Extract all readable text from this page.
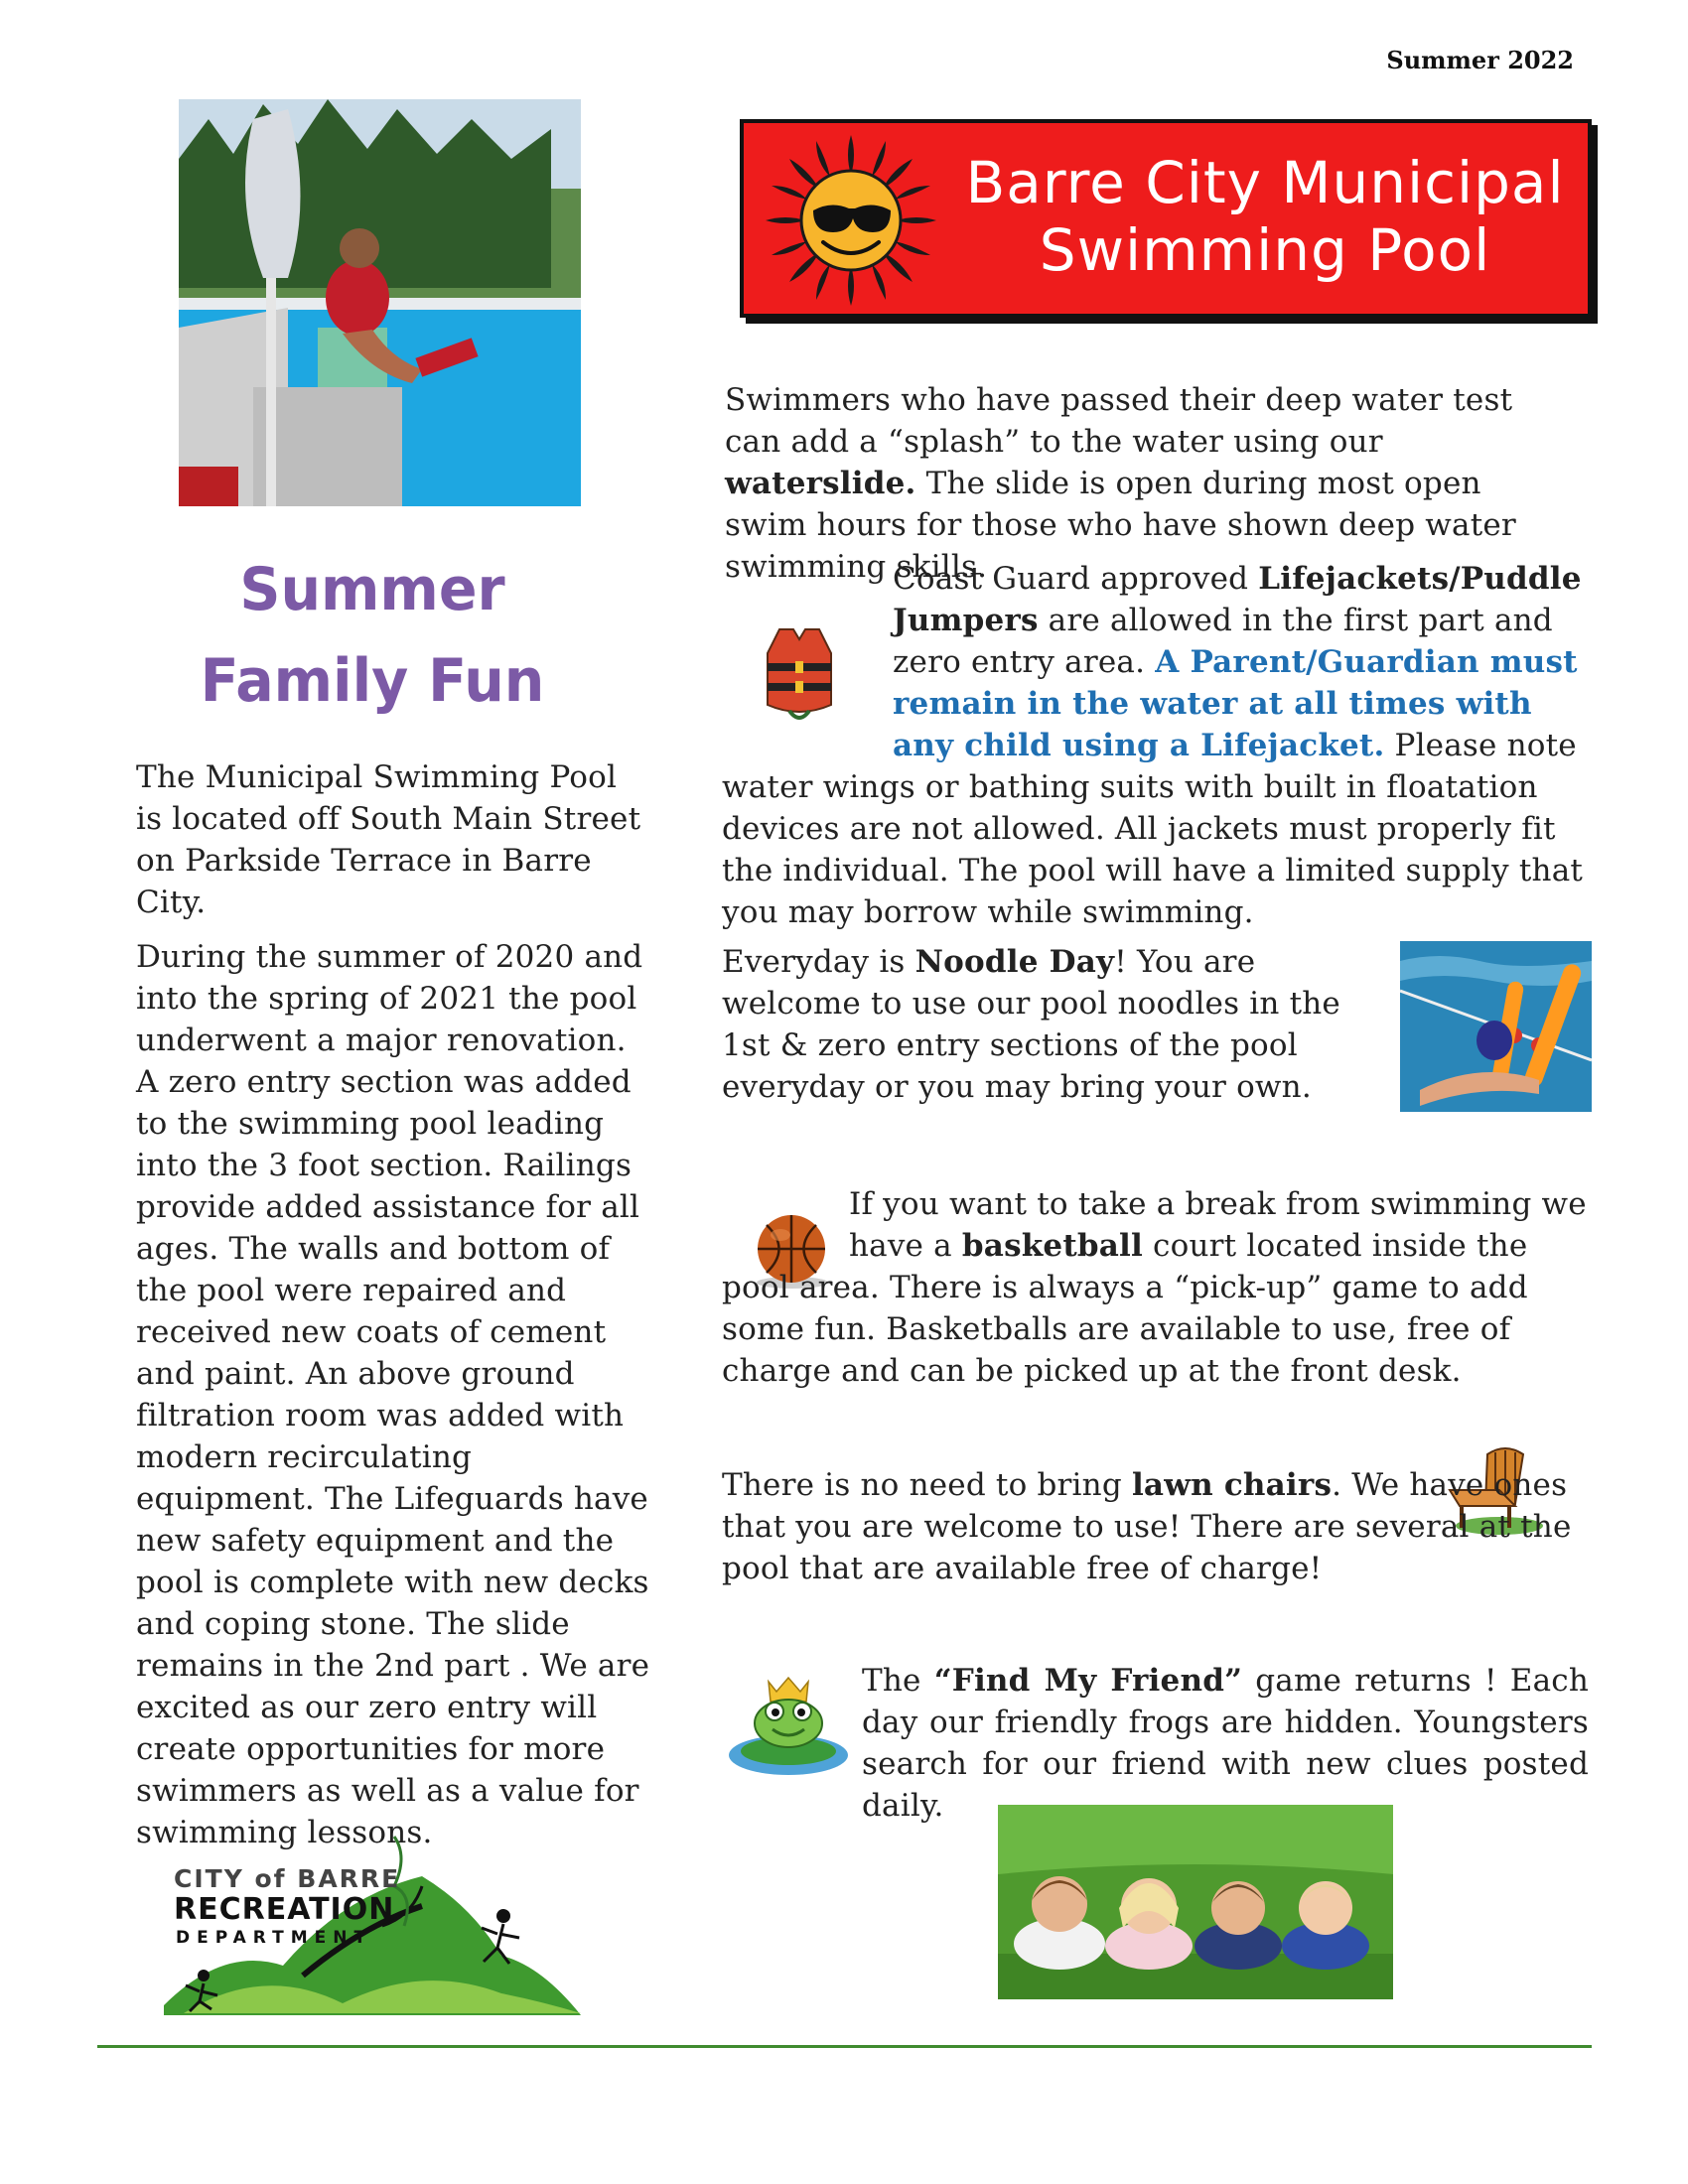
Summer 2022
Barre City Municipal Swimming Pool
Summer Family Fun

The Municipal Swimming Pool is located off South Main Street on Parkside Terrace in Barre City.

During the summer of 2020 and into the spring of 2021 the pool underwent a major renovation. A zero entry section was added to the swimming pool leading into the 3 foot section. Railings provide added assistance for all ages. The walls and bottom of the pool were repaired and received new coats of cement and paint. An above ground filtration room was added with modern recirculating equipment. The Lifeguards have new safety equipment and the pool is complete with new decks and coping stone. The slide remains in the 2nd part . We are excited as our zero entry will create opportunities for more swimmers as well as a value for swimming lessons.

Swimmers who have passed their deep water test can add a “splash” to the water using our waterslide. The slide is open during most open swim hours for those who have shown deep water swimming skills.
Coast Guard approved Lifejackets/Puddle Jumpers are allowed in the first part and zero entry area. A Parent/Guardian must remain in the water at all times with any child using a Lifejacket. Please note water wings or bathing suits with built in floatation devices are not allowed. All jackets must properly fit the individual. The pool will have a limited supply that you may borrow while swimming.
Everyday is Noodle Day! You are welcome to use our pool noodles in the 1st & zero entry sections of the pool everyday or you may bring your own.
If you want to take a break from swimming we have a basketball court located inside the pool area. There is always a “pick-up” game to add some fun. Basketballs are available to use, free of charge and can be picked up at the front desk.
There is no need to bring lawn chairs. We have ones that you are welcome to use! There are several at the pool that are available free of charge!
The “Find My Friend” game returns ! Each day our friendly frogs are hidden. Youngsters search for our friend with new clues posted daily.
CITY of BARRE
RECREATION
DEPARTMENT
